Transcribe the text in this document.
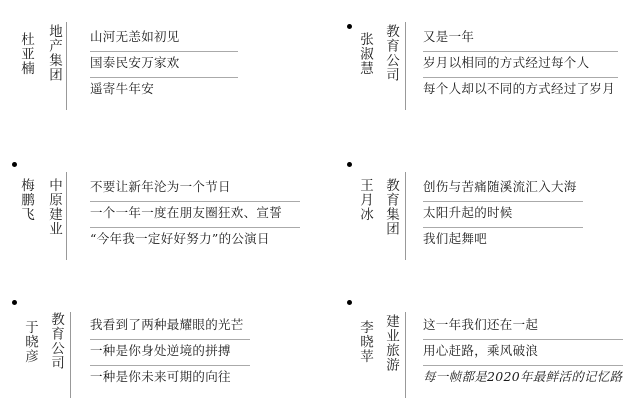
杜亚楠 地产集团 山河无恙如初见
国泰民安万家欢
遥寄牛年安
张淑慧 教育公司 又是一年
岁月以相同的方式经过每个人
每个人却以不同的方式经过了岁月
梅鹏飞 中原建业 不要让新年沦为一个节日
一个一年一度在朋友圈狂欢、宣誓
“今年我一定好好努力”的公演日
王月冰 教育集团 创伤与苦痛随溪流汇入大海
太阳升起的时候
我们起舞吧
于晓彦 教育公司 我看到了两种最耀眼的光芒
一种是你身处逆境的拼搏
一种是你未来可期的向往
李晓苹 建业旅游 这一年我们还在一起
用心赶路，乘风破浪
每一帧都是2020年最鲜活的记忆路
